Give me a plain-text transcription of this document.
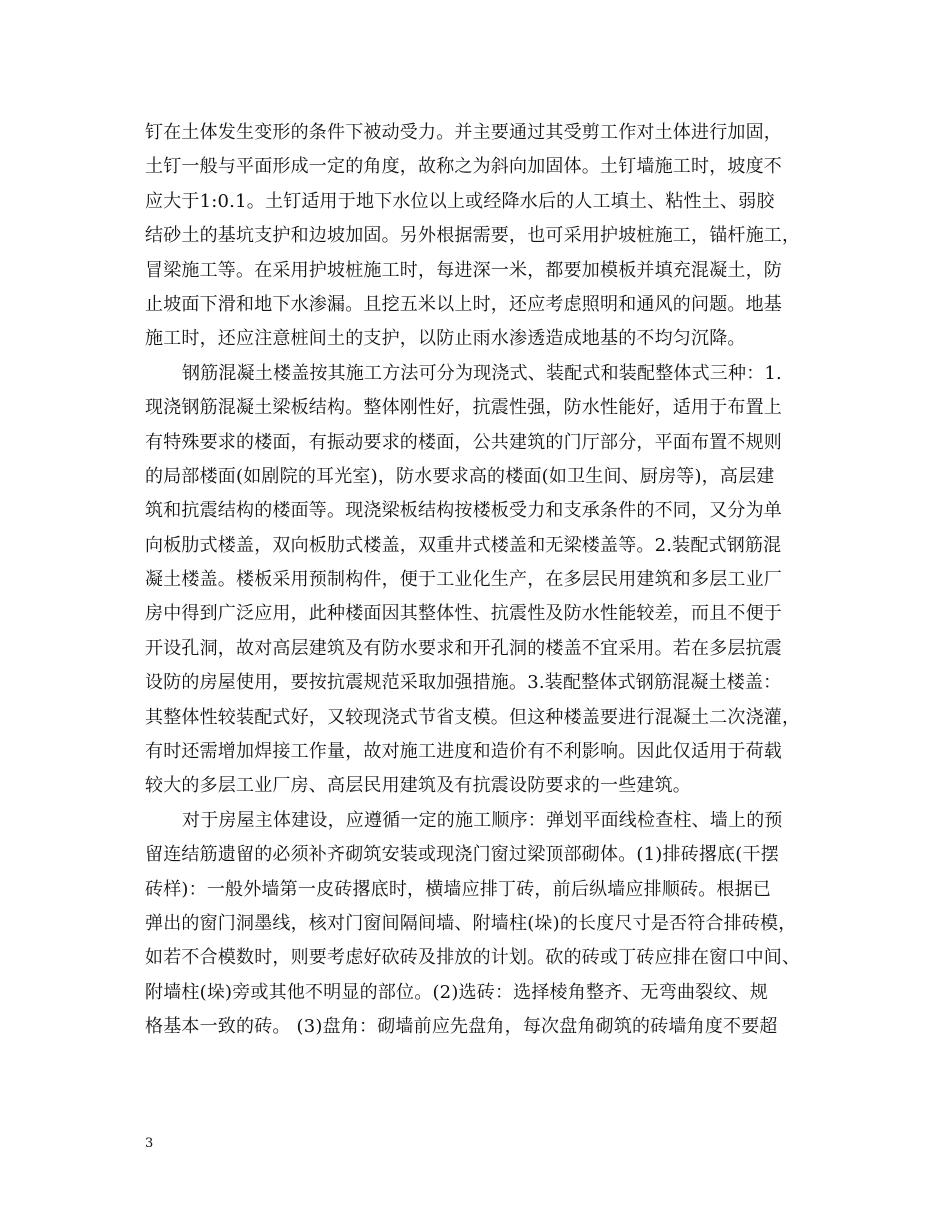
钉在土体发生变形的条件下被动受力。并主要通过其受剪工作对土体进行加固，
土钉一般与平面形成一定的角度，故称之为斜向加固体。土钉墙施工时，坡度不
应大于1:0.1。土钉适用于地下水位以上或经降水后的人工填土、粘性土、弱胶
结砂土的基坑支护和边坡加固。另外根据需要，也可采用护坡桩施工，锚杆施工，
冒梁施工等。在采用护坡桩施工时，每进深一米，都要加模板并填充混凝土，防
止坡面下滑和地下水渗漏。且挖五米以上时，还应考虑照明和通风的问题。地基
施工时，还应注意桩间土的支护，以防止雨水渗透造成地基的不均匀沉降。
钢筋混凝土楼盖按其施工方法可分为现浇式、装配式和装配整体式三种：1.
现浇钢筋混凝土梁板结构。整体刚性好，抗震性强，防水性能好，适用于布置上
有特殊要求的楼面，有振动要求的楼面，公共建筑的门厅部分，平面布置不规则
的局部楼面(如剧院的耳光室)，防水要求高的楼面(如卫生间、厨房等)，高层建
筑和抗震结构的楼面等。现浇梁板结构按楼板受力和支承条件的不同，又分为单
向板肋式楼盖，双向板肋式楼盖，双重井式楼盖和无梁楼盖等。2.装配式钢筋混
凝土楼盖。楼板采用预制构件，便于工业化生产，在多层民用建筑和多层工业厂
房中得到广泛应用，此种楼面因其整体性、抗震性及防水性能较差，而且不便于
开设孔洞，故对高层建筑及有防水要求和开孔洞的楼盖不宜采用。若在多层抗震
设防的房屋使用，要按抗震规范采取加强措施。3.装配整体式钢筋混凝土楼盖：
其整体性较装配式好，又较现浇式节省支模。但这种楼盖要进行混凝土二次浇灌，
有时还需增加焊接工作量，故对施工进度和造价有不利影响。因此仅适用于荷载
较大的多层工业厂房、高层民用建筑及有抗震设防要求的一些建筑。
对于房屋主体建设，应遵循一定的施工顺序：弹划平面线检查柱、墙上的预
留连结筋遗留的必须补齐砌筑安装或现浇门窗过梁顶部砌体。(1)排砖撂底(干摆
砖样)：一般外墙第一皮砖撂底时，横墙应排丁砖，前后纵墙应排顺砖。根据已
弹出的窗门洞墨线，核对门窗间隔间墙、附墙柱(垛)的长度尺寸是否符合排砖模，
如若不合模数时，则要考虑好砍砖及排放的计划。砍的砖或丁砖应排在窗口中间、
附墙柱(垛)旁或其他不明显的部位。(2)选砖：选择棱角整齐、无弯曲裂纹、规
格基本一致的砖。 (3)盘角：砌墙前应先盘角，每次盘角砌筑的砖墙角度不要超
3
